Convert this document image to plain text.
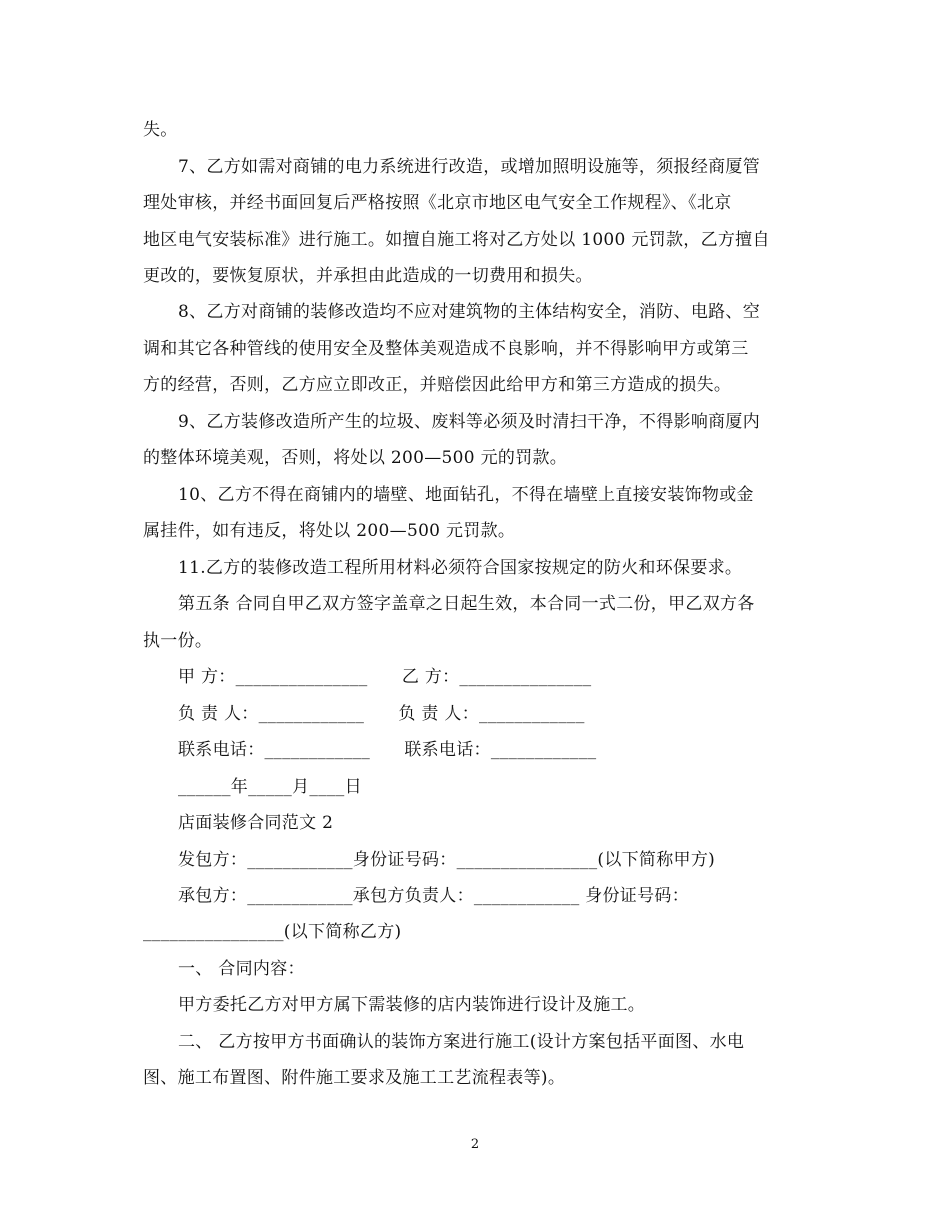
失。
7、乙方如需对商铺的电力系统进行改造，或增加照明设施等，须报经商厦管
理处审核，并经书面回复后严格按照《北京市地区电气安全工作规程》、《北京
地区电气安装标准》进行施工。如擅自施工将对乙方处以 1000 元罚款，乙方擅自
更改的，要恢复原状，并承担由此造成的一切费用和损失。
8、乙方对商铺的装修改造均不应对建筑物的主体结构安全，消防、电路、空
调和其它各种管线的使用安全及整体美观造成不良影响，并不得影响甲方或第三
方的经营，否则，乙方应立即改正，并赔偿因此给甲方和第三方造成的损失。
9、乙方装修改造所产生的垃圾、废料等必须及时清扫干净，不得影响商厦内
的整体环境美观，否则，将处以 200—500 元的罚款。
10、乙方不得在商铺内的墙壁、地面钻孔，不得在墙壁上直接安装饰物或金
属挂件，如有违反，将处以 200—500 元罚款。
11.乙方的装修改造工程所用材料必须符合国家按规定的防火和环保要求。
第五条 合同自甲乙双方签字盖章之日起生效，本合同一式二份，甲乙双方各
执一份。
甲 方：_______________      乙 方：_______________
负 责 人：____________      负 责 人：____________
联系电话：____________      联系电话：____________
______年_____月____日
店面装修合同范文 2
发包方：____________身份证号码：________________(以下简称甲方)
承包方：____________承包方负责人：____________ 身份证号码：
________________(以下简称乙方)
一、 合同内容：
甲方委托乙方对甲方属下需装修的店内装饰进行设计及施工。
二、 乙方按甲方书面确认的装饰方案进行施工(设计方案包括平面图、水电
图、施工布置图、附件施工要求及施工工艺流程表等)。
2
